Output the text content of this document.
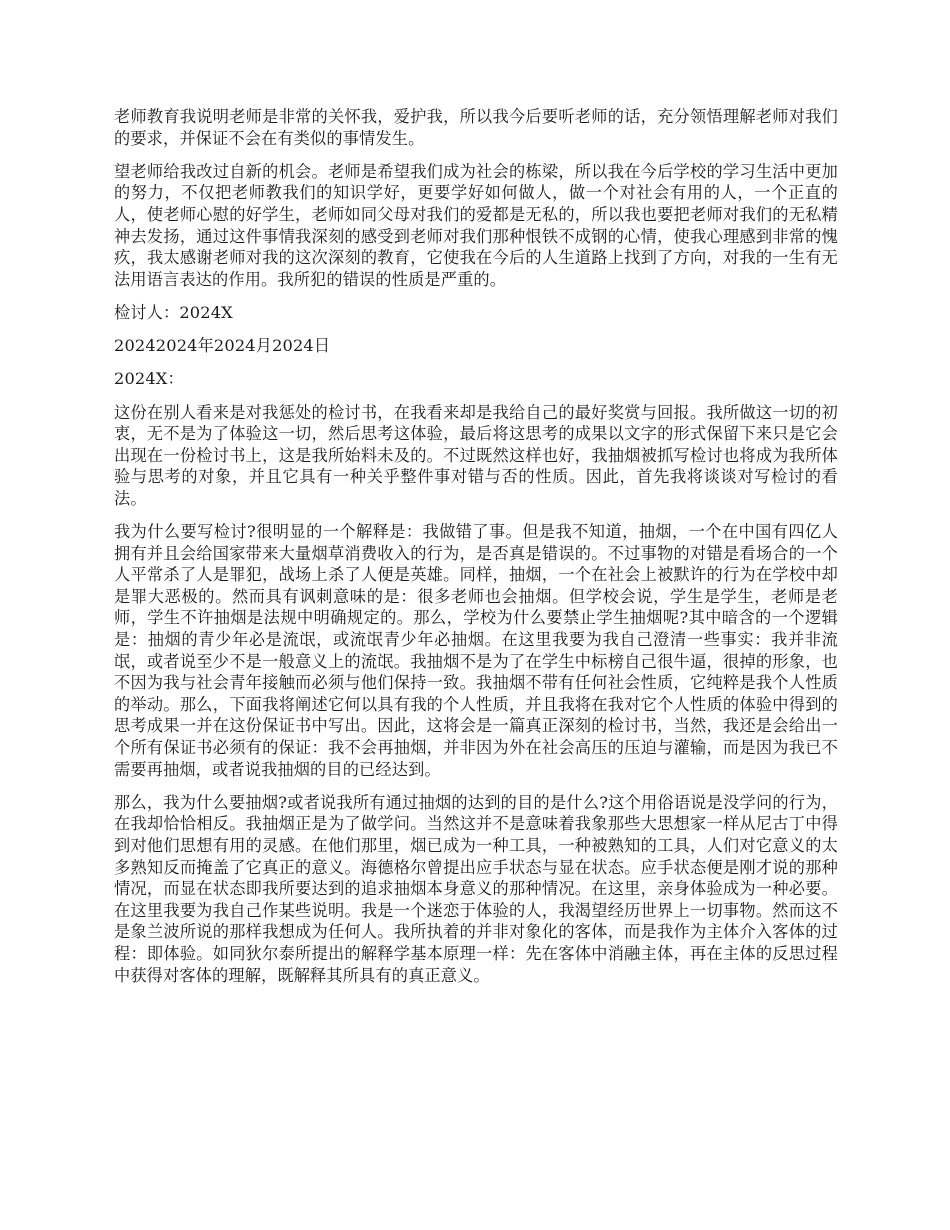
老师教育我说明老师是非常的关怀我，爱护我，所以我今后要听老师的话，充分领悟理解老师对我们的要求，并保证不会在有类似的事情发生。

望老师给我改过自新的机会。老师是希望我们成为社会的栋梁，所以我在今后学校的学习生活中更加的努力，不仅把老师教我们的知识学好，更要学好如何做人，做一个对社会有用的人，一个正直的人，使老师心慰的好学生，老师如同父母对我们的爱都是无私的，所以我也要把老师对我们的无私精神去发扬，通过这件事情我深刻的感受到老师对我们那种恨铁不成钢的心情，使我心理感到非常的愧疚，我太感谢老师对我的这次深刻的教育，它使我在今后的人生道路上找到了方向，对我的一生有无法用语言表达的作用。我所犯的错误的性质是严重的。

检讨人：2024X

20242024年2024月2024日

2024X：

这份在别人看来是对我惩处的检讨书，在我看来却是我给自己的最好奖赏与回报。我所做这一切的初衷，无不是为了体验这一切，然后思考这体验，最后将这思考的成果以文字的形式保留下来只是它会出现在一份检讨书上，这是我所始料未及的。不过既然这样也好，我抽烟被抓写检讨也将成为我所体验与思考的对象，并且它具有一种关乎整件事对错与否的性质。因此，首先我将谈谈对写检讨的看法。

我为什么要写检讨?很明显的一个解释是：我做错了事。但是我不知道，抽烟，一个在中国有四亿人拥有并且会给国家带来大量烟草消费收入的行为，是否真是错误的。不过事物的对错是看场合的一个人平常杀了人是罪犯，战场上杀了人便是英雄。同样，抽烟，一个在社会上被默许的行为在学校中却是罪大恶极的。然而具有讽刺意味的是：很多老师也会抽烟。但学校会说，学生是学生，老师是老师，学生不许抽烟是法规中明确规定的。那么，学校为什么要禁止学生抽烟呢?其中暗含的一个逻辑是：抽烟的青少年必是流氓，或流氓青少年必抽烟。在这里我要为我自己澄清一些事实：我并非流氓，或者说至少不是一般意义上的流氓。我抽烟不是为了在学生中标榜自己很牛逼，很掉的形象，也不因为我与社会青年接触而必须与他们保持一致。我抽烟不带有任何社会性质，它纯粹是我个人性质的举动。那么，下面我将阐述它何以具有我的个人性质，并且我将在我对它个人性质的体验中得到的思考成果一并在这份保证书中写出。因此，这将会是一篇真正深刻的检讨书，当然，我还是会给出一个所有保证书必须有的保证：我不会再抽烟，并非因为外在社会高压的压迫与灌输，而是因为我已不需要再抽烟，或者说我抽烟的目的已经达到。

那么，我为什么要抽烟?或者说我所有通过抽烟的达到的目的是什么?这个用俗语说是没学问的行为，在我却恰恰相反。我抽烟正是为了做学问。当然这并不是意味着我象那些大思想家一样从尼古丁中得到对他们思想有用的灵感。在他们那里，烟已成为一种工具，一种被熟知的工具，人们对它意义的太多熟知反而掩盖了它真正的意义。海德格尔曾提出应手状态与显在状态。应手状态便是刚才说的那种情况，而显在状态即我所要达到的追求抽烟本身意义的那种情况。在这里，亲身体验成为一种必要。在这里我要为我自己作某些说明。我是一个迷恋于体验的人，我渴望经历世界上一切事物。然而这不是象兰波所说的那样我想成为任何人。我所执着的并非对象化的客体，而是我作为主体介入客体的过程：即体验。如同狄尔泰所提出的解释学基本原理一样：先在客体中消融主体，再在主体的反思过程中获得对客体的理解，既解释其所具有的真正意义。
